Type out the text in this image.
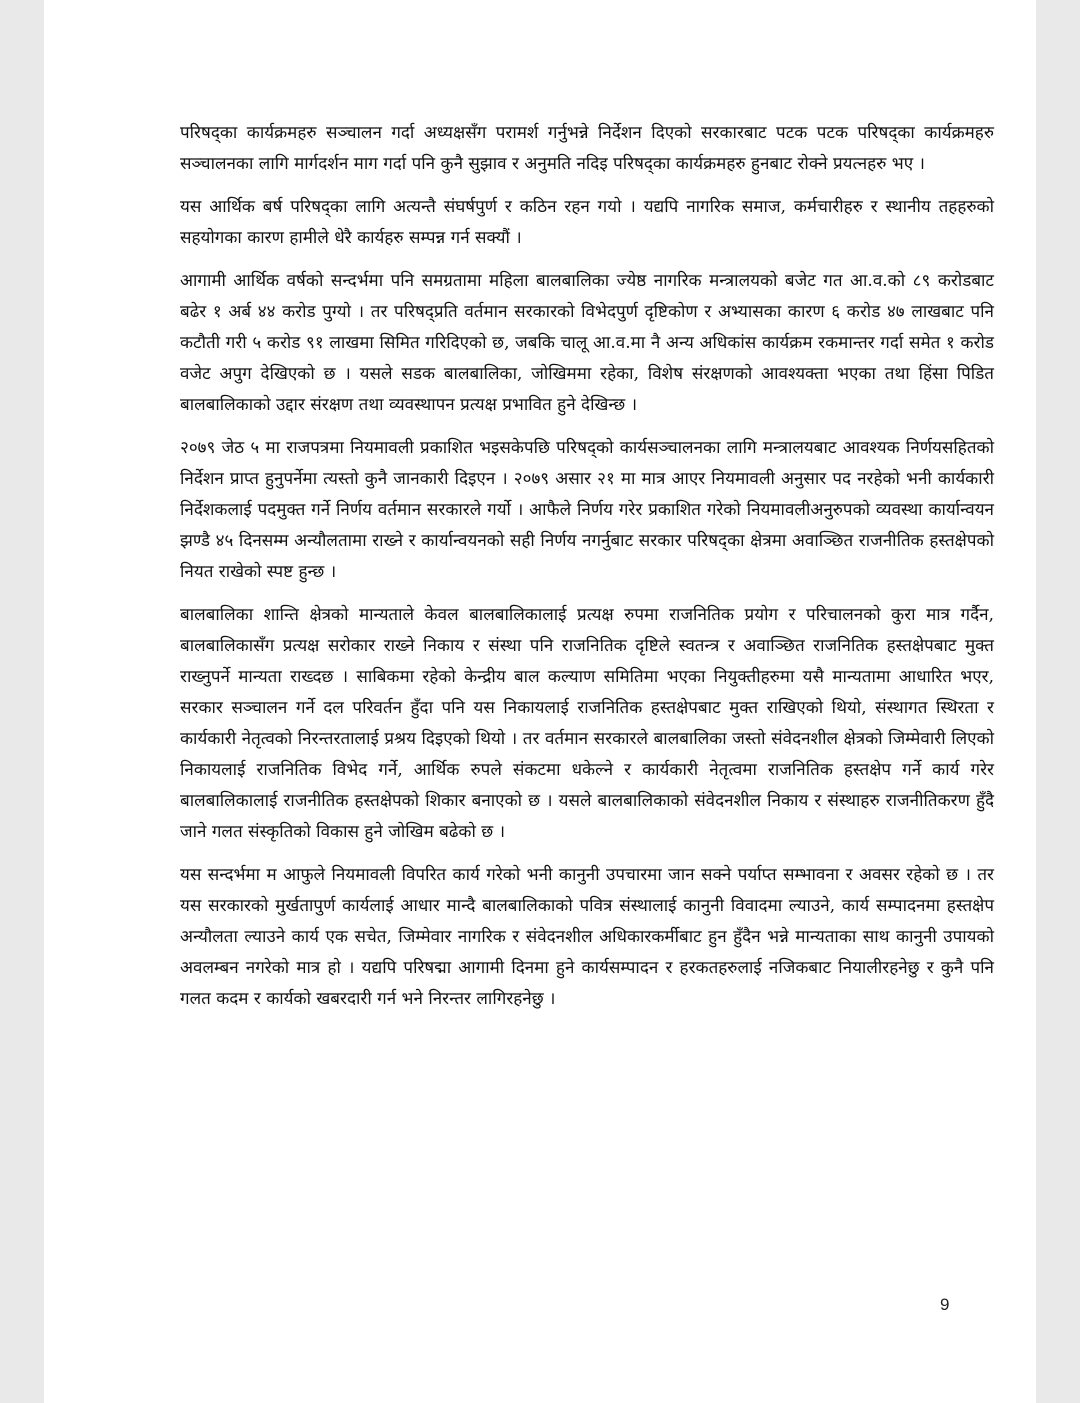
परिषद्का कार्यक्रमहरु सञ्चालन गर्दा अध्यक्षसँग परामर्श गर्नुभन्ने निर्देशन दिएको सरकारबाट पटक पटक परिषद्का कार्यक्रमहरु सञ्चालनका लागि मार्गदर्शन माग गर्दा पनि कुनै सुझाव र अनुमति नदिइ परिषद्का कार्यक्रमहरु हुनबाट रोक्ने प्रयत्नहरु भए ।

यस आर्थिक बर्ष परिषद्का लागि अत्यन्तै संघर्षपुर्ण र कठिन रहन गयो । यद्यपि नागरिक समाज, कर्मचारीहरु र स्थानीय तहहरुको सहयोगका कारण हामीले धेरै कार्यहरु सम्पन्न गर्न सक्यौं ।

आगामी आर्थिक वर्षको सन्दर्भमा पनि समग्रतामा महिला बालबालिका ज्येष्ठ नागरिक मन्त्रालयको बजेट गत आ.व.को ८९ करोडबाट बढेर १ अर्ब ४४ करोड पुग्यो । तर परिषद्प्रति वर्तमान सरकारको विभेदपुर्ण दृष्टिकोण र अभ्यासका कारण ६ करोड ४७ लाखबाट पनि कटौती गरी ५ करोड ९१ लाखमा सिमित गरिदिएको छ, जबकि चालू आ.व.मा नै अन्य अधिकांस कार्यक्रम रकमान्तर गर्दा समेत १ करोड वजेट अपुग देखिएको छ । यसले सडक बालबालिका, जोखिममा रहेका, विशेष संरक्षणको आवश्यक्ता भएका तथा हिंसा पिडित बालबालिकाको उद्दार संरक्षण तथा व्यवस्थापन प्रत्यक्ष प्रभावित हुने देखिन्छ ।

२०७९ जेठ ५ मा राजपत्रमा नियमावली प्रकाशित भइसकेपछि परिषद्को कार्यसञ्चालनका लागि मन्त्रालयबाट आवश्यक निर्णयसहितको निर्देशन प्राप्त हुनुपर्नेमा त्यस्तो कुनै जानकारी दिइएन । २०७९ असार २१ मा मात्र आएर नियमावली अनुसार पद नरहेको भनी कार्यकारी निर्देशकलाई पदमुक्त गर्ने निर्णय वर्तमान सरकारले गर्यो । आफैले निर्णय गरेर प्रकाशित गरेको नियमावलीअनुरुपको व्यवस्था कार्यान्वयन झण्डै ४५ दिनसम्म अन्यौलतामा राख्ने र कार्यान्वयनको सही निर्णय नगर्नुबाट सरकार परिषद्का क्षेत्रमा अवाञ्छित राजनीतिक हस्तक्षेपको नियत राखेको स्पष्ट हुन्छ ।

बालबालिका शान्ति क्षेत्रको मान्यताले केवल बालबालिकालाई प्रत्यक्ष रुपमा राजनितिक प्रयोग र परिचालनको कुरा मात्र गर्दैन, बालबालिकासँग प्रत्यक्ष सरोकार राख्ने निकाय र संस्था पनि राजनितिक दृष्टिले स्वतन्त्र र अवाञ्छित राजनितिक हस्तक्षेपबाट मुक्त राख्नुपर्ने मान्यता राख्दछ । साबिकमा रहेको केन्द्रीय बाल कल्याण समितिमा भएका नियुक्तीहरुमा यसै मान्यतामा आधारित भएर, सरकार सञ्चालन गर्ने दल परिवर्तन हुँदा पनि यस निकायलाई राजनितिक हस्तक्षेपबाट मुक्त राखिएको थियो, संस्थागत स्थिरता र कार्यकारी नेतृत्वको निरन्तरतालाई प्रश्रय दिइएको थियो । तर वर्तमान सरकारले बालबालिका जस्तो संवेदनशील क्षेत्रको जिम्मेवारी लिएको निकायलाई राजनितिक विभेद गर्ने, आर्थिक रुपले संकटमा धकेल्ने र कार्यकारी नेतृत्वमा राजनितिक हस्तक्षेप गर्ने कार्य गरेर बालबालिकालाई राजनीतिक हस्तक्षेपको शिकार बनाएको छ । यसले बालबालिकाको संवेदनशील निकाय र संस्थाहरु राजनीतिकरण हुँदै जाने गलत संस्कृतिको विकास हुने जोखिम बढेको छ ।

यस सन्दर्भमा म आफुले नियमावली विपरित कार्य गरेको भनी कानुनी उपचारमा जान सक्ने पर्याप्त सम्भावना र अवसर रहेको छ । तर यस सरकारको मुर्खतापुर्ण कार्यलाई आधार मान्दै बालबालिकाको पवित्र संस्थालाई कानुनी विवादमा ल्याउने, कार्य सम्पादनमा हस्तक्षेप अन्यौलता ल्याउने कार्य एक सचेत, जिम्मेवार नागरिक र संवेदनशील अधिकारकर्मीबाट हुन हुँदैन भन्ने मान्यताका साथ कानुनी उपायको अवलम्बन नगरेको मात्र हो । यद्यपि परिषद्मा आगामी दिनमा हुने कार्यसम्पादन र हरकतहरुलाई नजिकबाट नियालीरहनेछु र कुनै पनि गलत कदम र कार्यको खबरदारी गर्न भने निरन्तर लागिरहनेछु ।

9
